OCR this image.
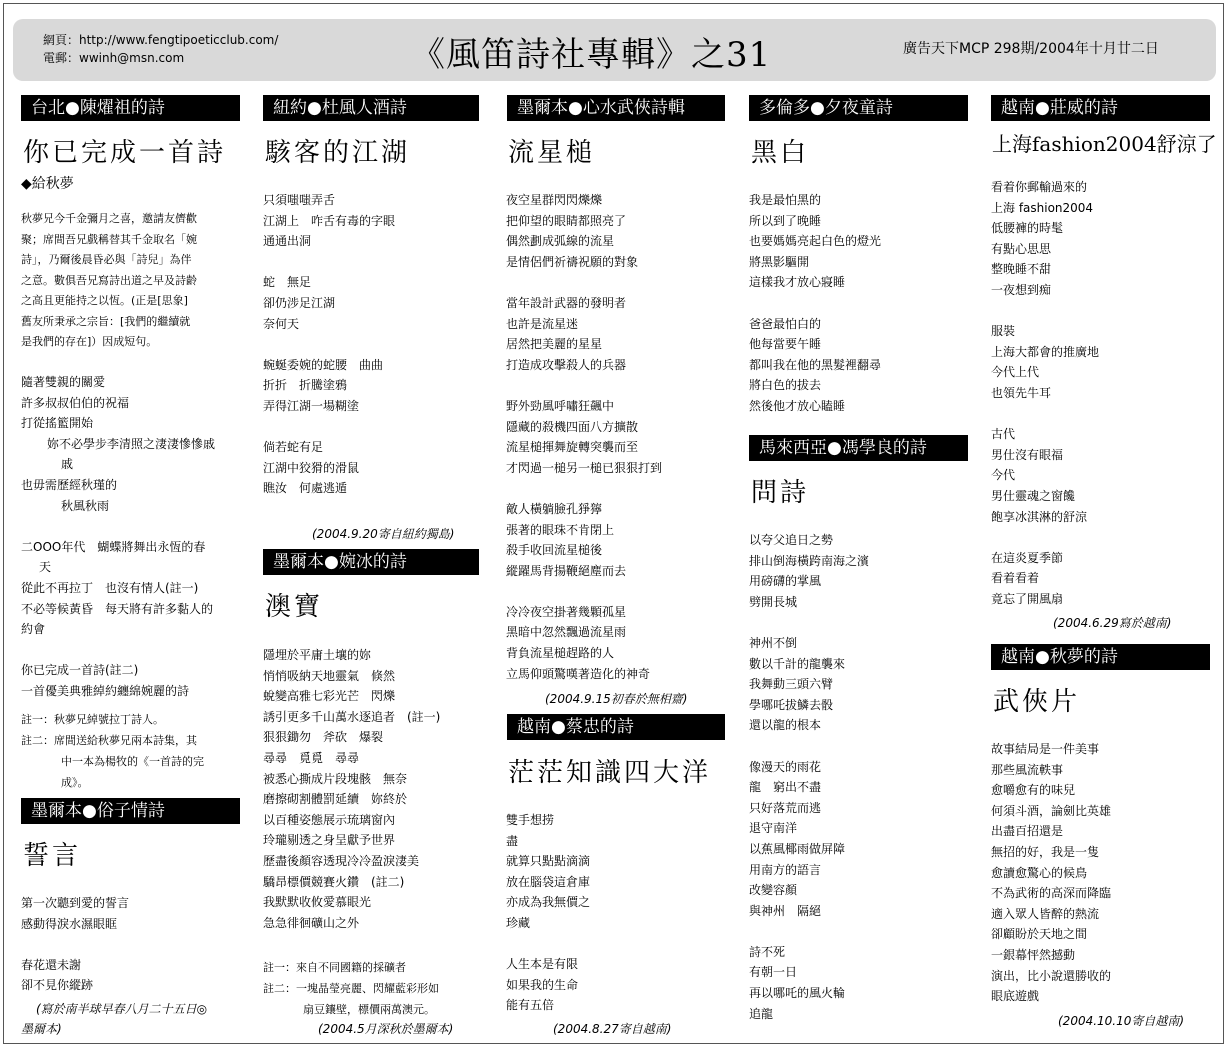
網頁：http://www.fengtipoeticclub.com/
電郵：wwinh@msn.com	《風笛詩社專輯》之31	廣告天下MCP 298期/2004年十月廿二日
台北●陳燿祖的詩
你已完成一首詩
◆給秋夢
秋夢兄今千金彌月之喜，邀請友儕歡
聚；席間吾兄戲稱替其千金取名「婉
詩」，乃爾後晨昏必與「詩兒」為伴
之意。數俱吾兄寫詩出道之早及詩齡
之高且更能持之以恆。(正是[思象]
舊友所秉承之宗旨：[我們的繼續就
是我們的存在]）因成短句。
隨著雙親的關愛
許多叔叔伯伯的祝福
打從搖籃開始
妳不必學步李清照之淒淒慘慘戚
戚
也毋需歷經秋瑾的
秋風秋雨
二OOO年代　蝴蝶將舞出永恆的春
天
從此不再拉丁　也沒有情人(註一)
不必等候黃昏　每天將有許多黏人的
約會
你已完成一首詩(註二)
一首優美典雅綽約纏綿婉麗的詩
註一：秋夢兄綽號拉丁詩人。
註二：席間送給秋夢兄兩本詩集，其
中一本為楊牧的《一首詩的完
成》。
墨爾本●俗子情詩
誓言
第一次聽到愛的誓言
感動得淚水濕眼眶
春花還未謝
卻不見你縱跡
(寫於南半球早春八月二十五日◎
墨爾本)
紐約●杜風人酒詩
駭客的江湖
只須嗤嗤弄舌
江湖上　咋舌有毒的字眼
通通出洞
蛇　無足
卻仍涉足江湖
奈何天
蜿蜒委婉的蛇腰　曲曲
折折　折騰塗鴉
弄得江湖一場糊塗
倘若蛇有足
江湖中狡猾的滑鼠
瞧汝　何處逃遁
(2004.9.20寄自紐約獨島)
墨爾本●婉冰的詩
澳寶
隱埋於平庸土壤的妳
悄悄吸納天地靈氣　倏然
蛻變高雅七彩光芒　閃爍
誘引更多千山萬水逐追者　(註一)
狠狠鋤勿　斧砍　爆裂
尋尋　覓覓　尋尋
被悉心撕成片段塊骸　無奈
磨擦砌割體罰延續　妳終於
以百種姿態展示琉璃窗內
玲瓏剔透之身呈獻予世界
歷盡後顏容透現冷冷盈淚淒美
驕昂標價競賽火鑽　(註二)
我默默收攸愛慕眼光
急急徘徊礦山之外
註一：來自不同國籍的採礦者
註二：一塊晶瑩亮麗、閃耀藍彩形如
扇豆鑲壁，標價兩萬澳元。
(2004.5月深秋於墨爾本)
墨爾本●心水武俠詩輯
流星槌
夜空星群閃閃爍爍
把仰望的眼睛都照亮了
偶然劃成弧線的流星
是情侶們祈禱祝願的對象
當年設計武器的發明者
也許是流星迷
居然把美麗的星星
打造成攻擊殺人的兵器
野外勁風呼嘯狂飆中
隱藏的殺機四面八方擴散
流星槌揮舞旋轉突襲而至
才閃過一槌另一槌已狠狠打到
敵人橫躺臉孔猙獰
張著的眼珠不肯閉上
殺手收回流星槌後
縱躍馬背揚鞭絕塵而去
冷冷夜空掛著幾顆孤星
黑暗中忽然飄過流星雨
背負流星槌趕路的人
立馬仰頭驚嘆著造化的神奇
(2004.9.15初春於無相齋)
越南●蔡忠的詩
茫茫知識四大洋
雙手想捞
盡
就算只點點滴滴
放在腦袋這倉庫
亦成為我無價之
珍藏
人生本是有限
如果我的生命
能有五倍
(2004.8.27寄自越南)
多倫多●夕夜童詩
黑白
我是最怕黑的
所以到了晚睡
也要媽媽亮起白色的燈光
將黑影驅開
這樣我才放心寢睡
爸爸最怕白的
他每當要午睡
都叫我在他的黑髮裡翻尋
將白色的拔去
然後他才放心瞌睡
馬來西亞●馮學良的詩
問詩
以夸父追日之勢
排山倒海橫跨南海之濱
用磅礴的掌風
劈開長城
神州不倒
數以千計的龍襲來
我舞動三頭六臂
學哪吒拔鱗去骰
還以龍的根本
像漫天的雨花
龍　窮出不盡
只好落荒而逃
退守南洋
以蕉風椰雨做屏障
用南方的語言
改變容顏
與神州　隔絕
詩不死
有朝一日
再以哪吒的風火輪
追龍
越南●莊威的詩
上海fashion2004舒涼了
看着你郵輸過來的
上海 fashion2004
低腰褲的時髦
有點心思思
整晚睡不甜
一夜想到痴
服裝
上海大都會的推廣地
今代上代
也領先牛耳
古代
男仕沒有眼福
今代
男仕靈魂之窗饞
飽享冰淇淋的舒涼
在這炎夏季節
看着看着
竟忘了開風扇
(2004.6.29寫於越南)
越南●秋夢的詩
武俠片
故事結局是一件美事
那些風流軼事
愈嚼愈有的味兒
何須斗酒，論劍比英雄
出盡百招還是
無招的好，我是一隻
愈讀愈驚心的候鳥
不為武術的高深而降臨
適入眾人皆醉的熱流
卻顧盼於天地之間
一銀幕怦然撼動
演出，比小說還勝收的
眼底遊戲
(2004.10.10寄自越南)
